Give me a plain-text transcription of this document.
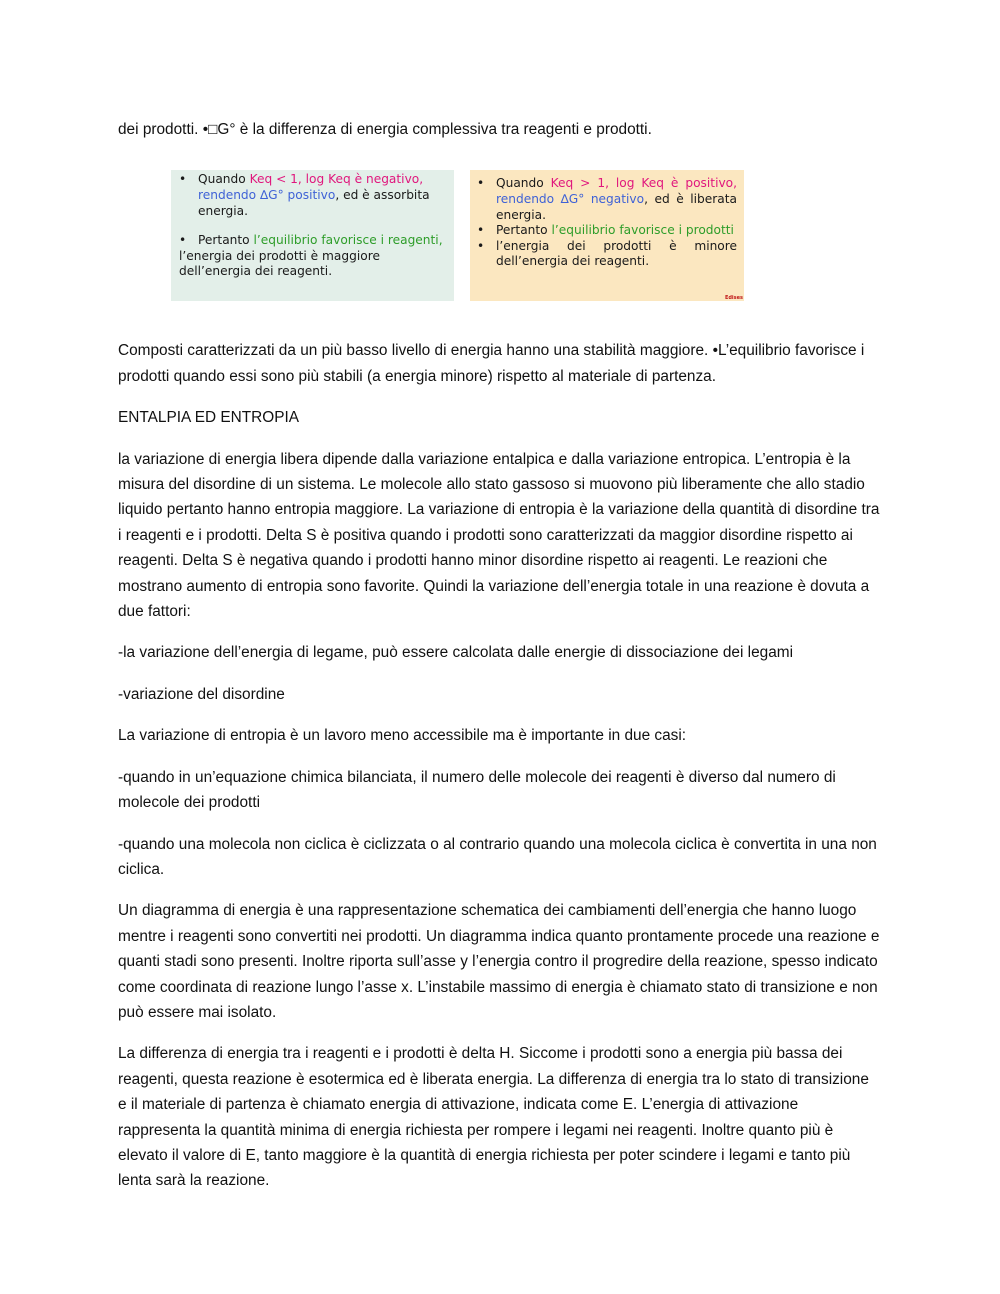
dei prodotti. •□G° è la differenza di energia complessiva tra reagenti e prodotti.

• Quando Keq < 1, log Keq è negativo, rendendo ∆G° positivo, ed è assorbita energia.
• Pertanto l’equilibrio favorisce i reagenti,
l’energia dei prodotti è maggiore dell’energia dei reagenti.
• Quando Keq > 1, log Keq è positivo, rendendo ∆G° negativo, ed è liberata energia.
• Pertanto l’equilibrio favorisce i prodotti
• l’energia dei prodotti è minore dell’energia dei reagenti.
Edises

Composti caratterizzati da un più basso livello di energia hanno una stabilità maggiore. •L’equilibrio favorisce i prodotti quando essi sono più stabili (a energia minore) rispetto al materiale di partenza.

ENTALPIA ED ENTROPIA

la variazione di energia libera dipende dalla variazione entalpica e dalla variazione entropica. L’entropia è la misura del disordine di un sistema. Le molecole allo stato gassoso si muovono più liberamente che allo stadio liquido pertanto hanno entropia maggiore. La variazione di entropia è la variazione della quantità di disordine tra i reagenti e i prodotti. Delta S è positiva quando i prodotti sono caratterizzati da maggior disordine rispetto ai reagenti. Delta S è negativa quando i prodotti hanno minor disordine rispetto ai reagenti. Le reazioni che mostrano aumento di entropia sono favorite. Quindi la variazione dell’energia totale in una reazione è dovuta a due fattori:

-la variazione dell’energia di legame, può essere calcolata dalle energie di dissociazione dei legami

-variazione del disordine

La variazione di entropia è un lavoro meno accessibile ma è importante in due casi:

-quando in un’equazione chimica bilanciata, il numero delle molecole dei reagenti è diverso dal numero di molecole dei prodotti

-quando una molecola non ciclica è ciclizzata o al contrario quando una molecola ciclica è convertita in una non ciclica.

Un diagramma di energia è una rappresentazione schematica dei cambiamenti dell’energia che hanno luogo mentre i reagenti sono convertiti nei prodotti. Un diagramma indica quanto prontamente procede una reazione e quanti stadi sono presenti. Inoltre riporta sull’asse y l’energia contro il progredire della reazione, spesso indicato come coordinata di reazione lungo l’asse x. L’instabile massimo di energia è chiamato stato di transizione e non può essere mai isolato.

La differenza di energia tra i reagenti e i prodotti è delta H. Siccome i prodotti sono a energia più bassa dei reagenti, questa reazione è esotermica ed è liberata energia. La differenza di energia tra lo stato di transizione e il materiale di partenza è chiamato energia di attivazione, indicata come E. L’energia di attivazione rappresenta la quantità minima di energia richiesta per rompere i legami nei reagenti. Inoltre quanto più è elevato il valore di E, tanto maggiore è la quantità di energia richiesta per poter scindere i legami e tanto più lenta sarà la reazione.
